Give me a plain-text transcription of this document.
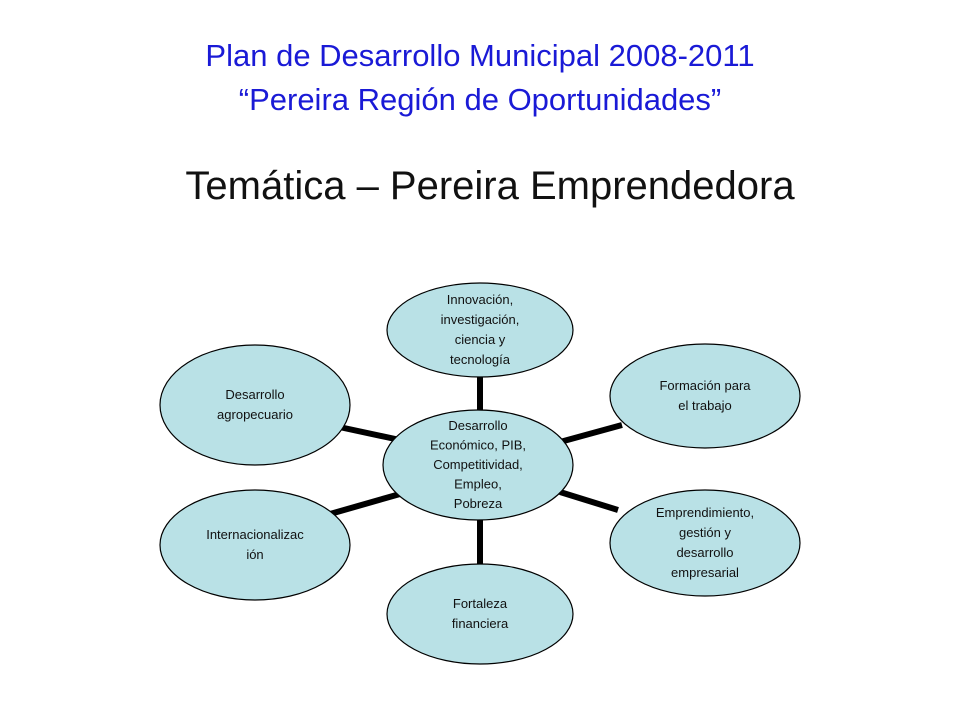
Plan de Desarrollo Municipal 2008-2011
“Pereira Región de Oportunidades”
Temática – Pereira Emprendedora
Innovación,
investigación,
ciencia y
tecnología
Formación para
el trabajo
Emprendimiento,
gestión y
desarrollo
empresarial
Fortaleza
financiera
Internacionalizac
ión
Desarrollo
agropecuario
Desarrollo
Económico, PIB,
Competitividad,
Empleo,
Pobreza
